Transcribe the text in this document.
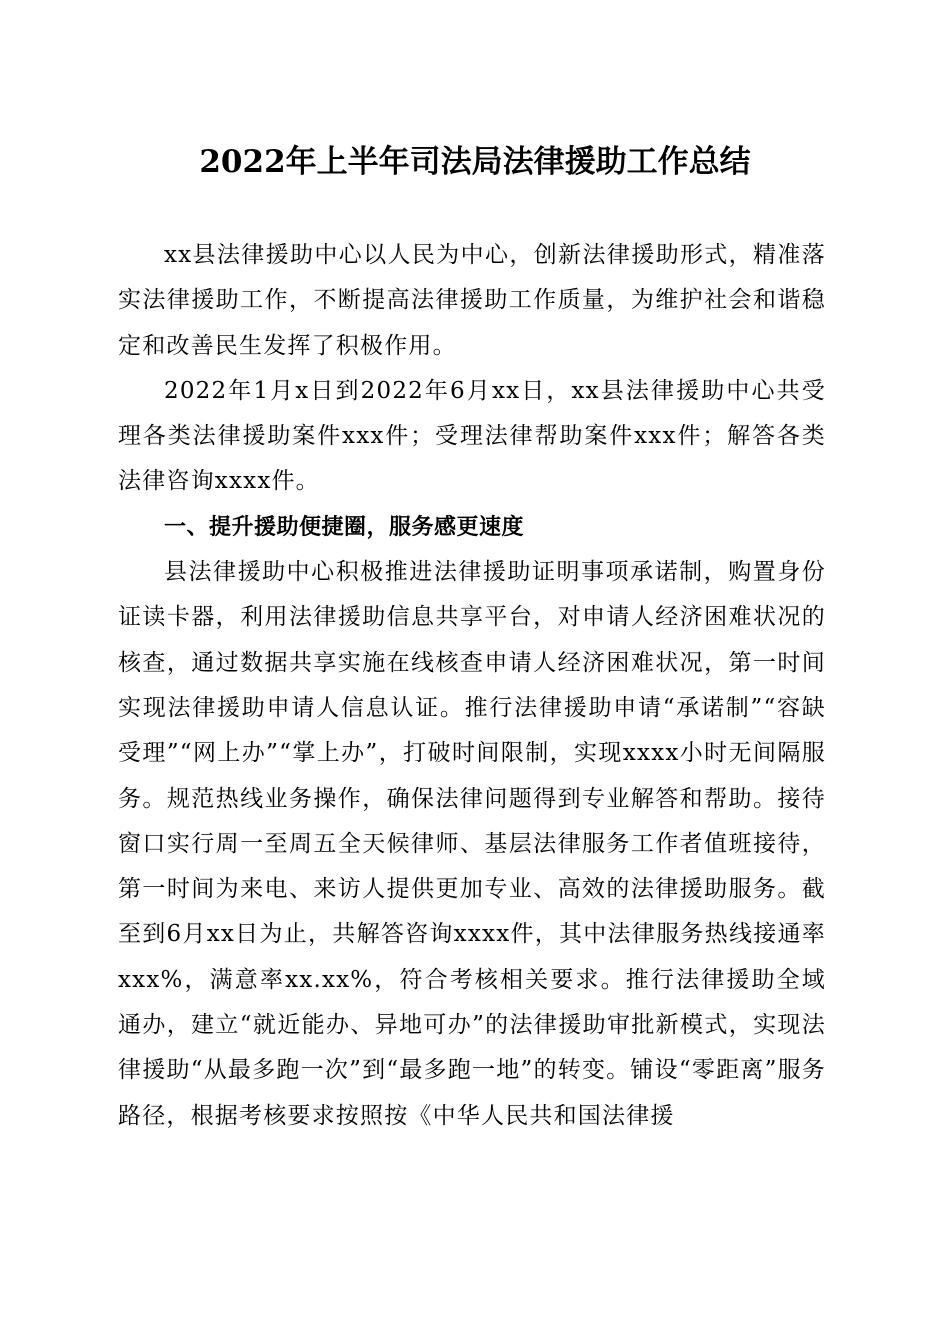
2022年上半年司法局法律援助工作总结

xx县法律援助中心以人民为中心，创新法律援助形式，精准落实法律援助工作，不断提高法律援助工作质量，为维护社会和谐稳定和改善民生发挥了积极作用。

2022年1月x日到2022年6月xx日，xx县法律援助中心共受理各类法律援助案件xxx件；受理法律帮助案件xxx件；解答各类法律咨询xxxx件。

一、提升援助便捷圈，服务感更速度

县法律援助中心积极推进法律援助证明事项承诺制，购置身份证读卡器，利用法律援助信息共享平台，对申请人经济困难状况的核查，通过数据共享实施在线核查申请人经济困难状况，第一时间实现法律援助申请人信息认证。推行法律援助申请“承诺制”“容缺受理”“网上办”“掌上办”，打破时间限制，实现xxxx小时无间隔服务。规范热线业务操作，确保法律问题得到专业解答和帮助。接待窗口实行周一至周五全天候律师、基层法律服务工作者值班接待，第一时间为来电、来访人提供更加专业、高效的法律援助服务。截至到6月xx日为止，共解答咨询xxxx件，其中法律服务热线接通率xxx%，满意率xx.xx%，符合考核相关要求。推行法律援助全域通办，建立“就近能办、异地可办”的法律援助审批新模式，实现法律援助“从最多跑一次”到“最多跑一地”的转变。铺设“零距离”服务路径，根据考核要求按照按《中华人民共和国法律援
